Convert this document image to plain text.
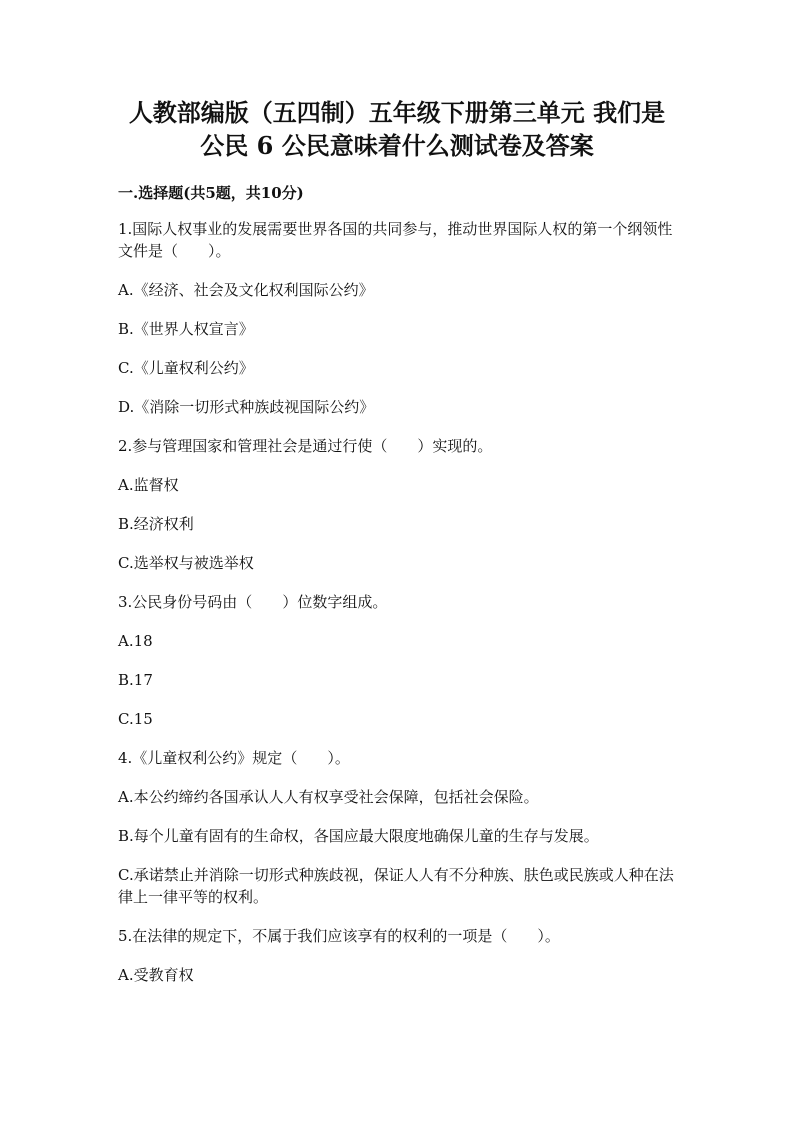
人教部编版（五四制）五年级下册第三单元 我们是
公民 6 公民意味着什么测试卷及答案
一.选择题(共5题，共10分)
1.国际人权事业的发展需要世界各国的共同参与，推动世界国际人权的第一个纲领性文件是（　　）。
A.《经济、社会及文化权利国际公约》
B.《世界人权宣言》
C.《儿童权利公约》
D.《消除一切形式种族歧视国际公约》
2.参与管理国家和管理社会是通过行使（　　）实现的。
A.监督权
B.经济权利
C.选举权与被选举权
3.公民身份号码由（　　）位数字组成。
A.18
B.17
C.15
4.《儿童权利公约》规定（　　）。
A.本公约缔约各国承认人人有权享受社会保障，包括社会保险。
B.每个儿童有固有的生命权，各国应最大限度地确保儿童的生存与发展。
C.承诺禁止并消除一切形式种族歧视，保证人人有不分种族、肤色或民族或人种在法律上一律平等的权利。
5.在法律的规定下，不属于我们应该享有的权利的一项是（　　）。
A.受教育权
